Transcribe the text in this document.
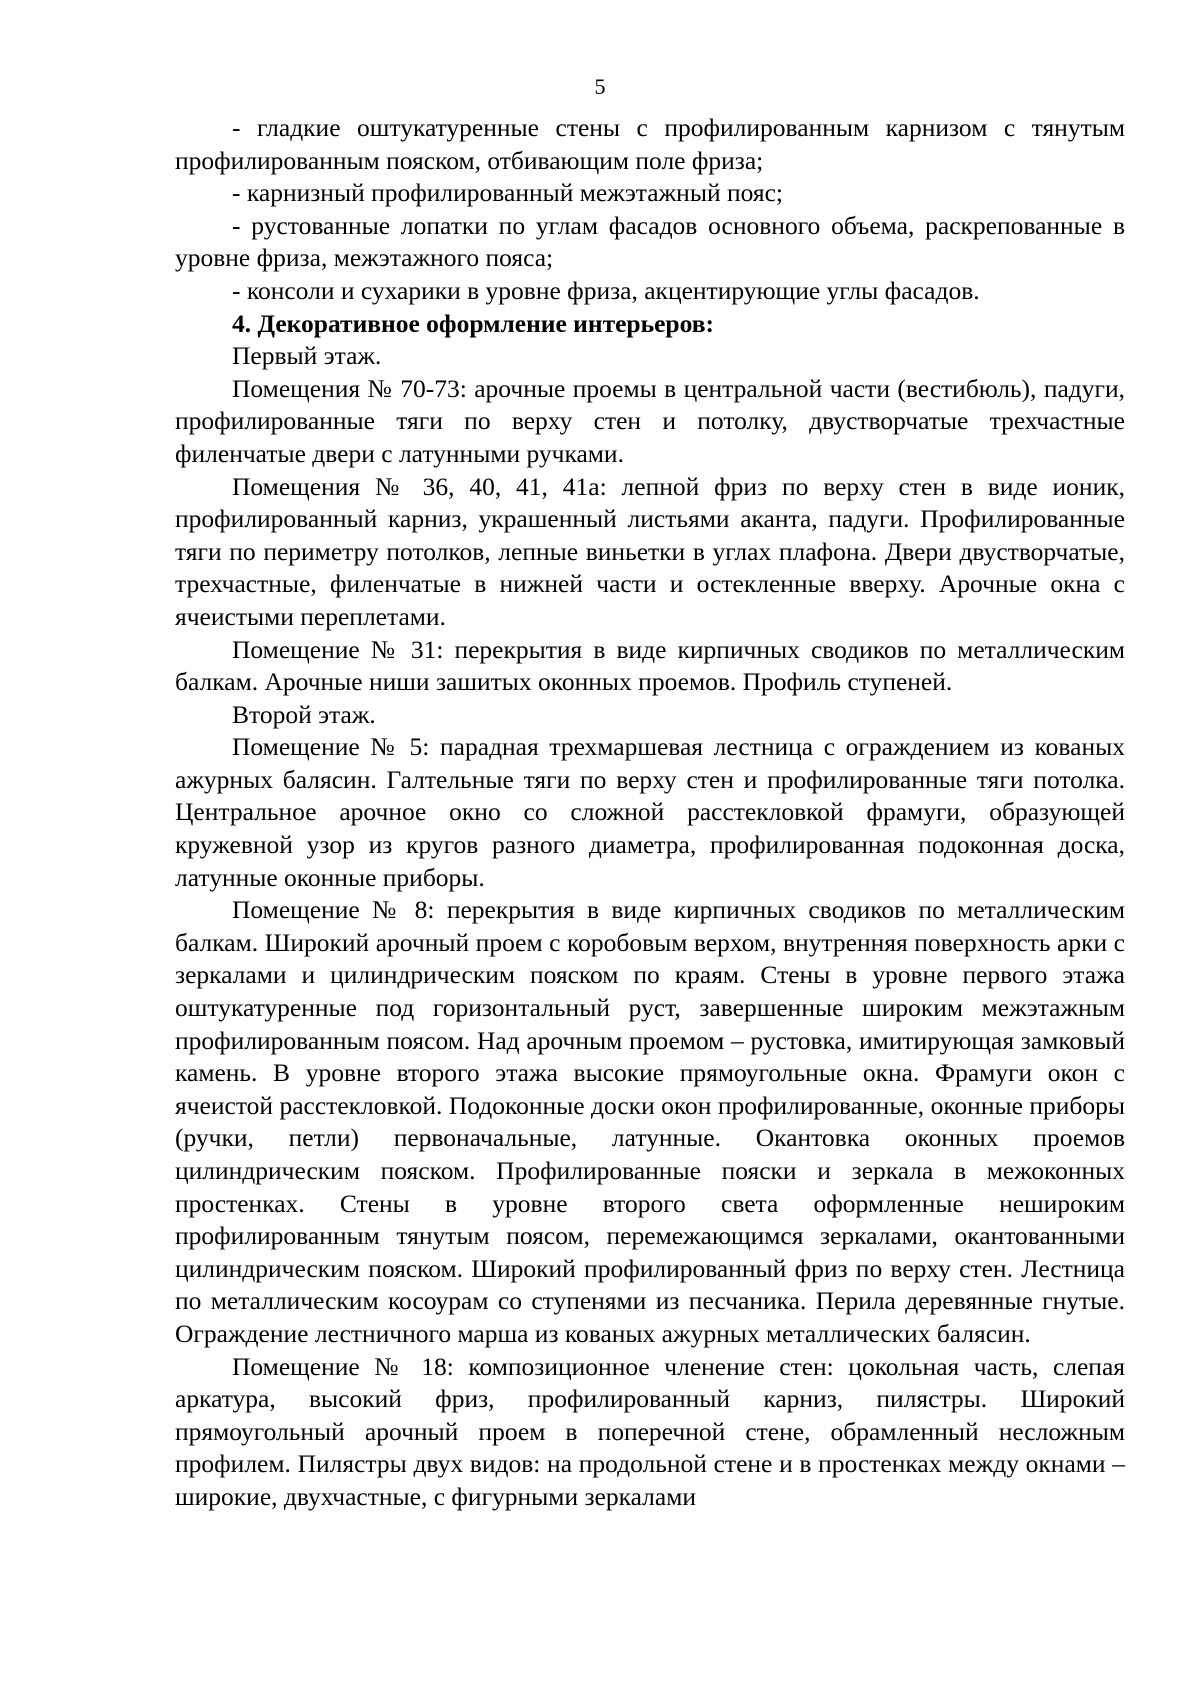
5

- гладкие оштукатуренные стены с профилированным карнизом с тянутым профилированным пояском, отбивающим поле фриза;

- карнизный профилированный межэтажный пояс;

- рустованные лопатки по углам фасадов основного объема, раскрепованные в уровне фриза, межэтажного пояса;

- консоли и сухарики в уровне фриза, акцентирующие углы фасадов.

4. Декоративное оформление интерьеров:

Первый этаж.

Помещения № 70-73: арочные проемы в центральной части (вестибюль), падуги, профилированные тяги по верху стен и потолку, двустворчатые трехчастные филенчатые двери с латунными ручками.

Помещения № 36, 40, 41, 41а: лепной фриз по верху стен в виде ионик, профилированный карниз, украшенный листьями аканта, падуги. Профилированные тяги по периметру потолков, лепные виньетки в углах плафона. Двери двустворчатые, трехчастные, филенчатые в нижней части и остекленные вверху. Арочные окна с ячеистыми переплетами.

Помещение № 31: перекрытия в виде кирпичных сводиков по металлическим балкам. Арочные ниши зашитых оконных проемов. Профиль ступеней.

Второй этаж.

Помещение № 5: парадная трехмаршевая лестница с ограждением из кованых ажурных балясин. Галтельные тяги по верху стен и профилированные тяги потолка. Центральное арочное окно со сложной расстекловкой фрамуги, образующей кружевной узор из кругов разного диаметра, профилированная подоконная доска, латунные оконные приборы.

Помещение № 8: перекрытия в виде кирпичных сводиков по металлическим балкам. Широкий арочный проем с коробовым верхом, внутренняя поверхность арки с зеркалами и цилиндрическим пояском по краям. Стены в уровне первого этажа оштукатуренные под горизонтальный руст, завершенные широким межэтажным профилированным поясом. Над арочным проемом – рустовка, имитирующая замковый камень. В уровне второго этажа высокие прямоугольные окна. Фрамуги окон с ячеистой расстекловкой. Подоконные доски окон профилированные, оконные приборы (ручки, петли) первоначальные, латунные. Окантовка оконных проемов цилиндрическим пояском. Профилированные пояски и зеркала в межоконных простенках. Стены в уровне второго света оформленные нешироким профилированным тянутым поясом, перемежающимся зеркалами, окантованными цилиндрическим пояском. Широкий профилированный фриз по верху стен. Лестница по металлическим косоурам со ступенями из песчаника. Перила деревянные гнутые. Ограждение лестничного марша из кованых ажурных металлических балясин.

Помещение № 18: композиционное членение стен: цокольная часть, слепая аркатура, высокий фриз, профилированный карниз, пилястры. Широкий прямоугольный арочный проем в поперечной стене, обрамленный несложным профилем. Пилястры двух видов: на продольной стене и в простенках между окнами – широкие, двухчастные, с фигурными зеркалами
